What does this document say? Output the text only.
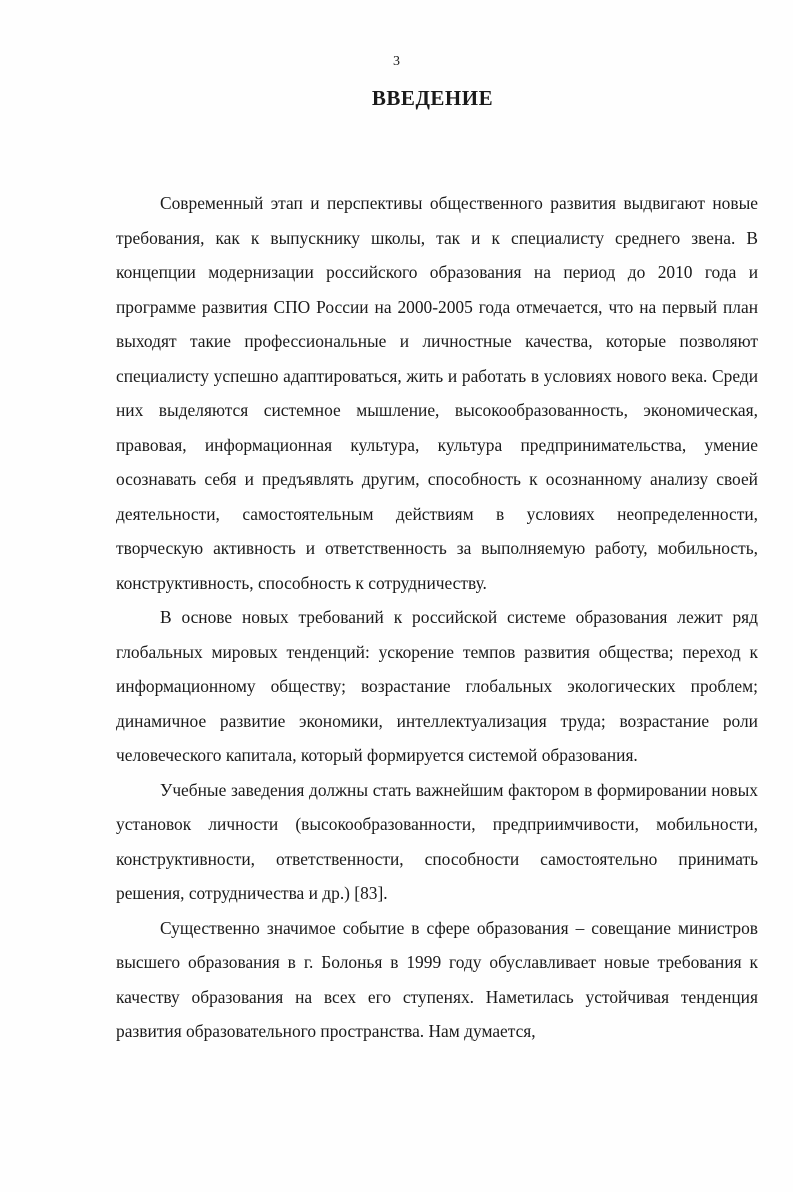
3
ВВЕДЕНИЕ

Современный этап и перспективы общественного развития выдвигают новые требования, как к выпускнику школы, так и к специалисту среднего звена. В концепции модернизации российского образования на период до 2010 года и программе развития СПО России на 2000-2005 года отмечается, что на первый план выходят такие профессиональные и личностные качества, которые позволяют специалисту успешно адаптироваться, жить и работать в условиях нового века. Среди них выделяются системное мышление, высокообразованность, экономическая, правовая, информационная культура, культура предпринимательства, умение осознавать себя и предъявлять другим, способность к осознанному анализу своей деятельности, самостоятельным действиям в условиях неопределенности, творческую активность и ответственность за выполняемую работу, мобильность, конструктивность, способность к сотрудничеству.

В основе новых требований к российской системе образования лежит ряд глобальных мировых тенденций: ускорение темпов развития общества; переход к информационному обществу; возрастание глобальных экологических проблем; динамичное развитие экономики, интеллектуализация труда; возрастание роли человеческого капитала, который формируется системой образования.

Учебные заведения должны стать важнейшим фактором в формировании новых установок личности (высокообразованности, предприимчивости, мобильности, конструктивности, ответственности, способности самостоятельно принимать решения, сотрудничества и др.) [83].

Существенно значимое событие в сфере образования – совещание министров высшего образования в г. Болонья в 1999 году обуславливает новые требования к качеству образования на всех его ступенях. Наметилась устойчивая тенденция развития образовательного пространства. Нам думается,
